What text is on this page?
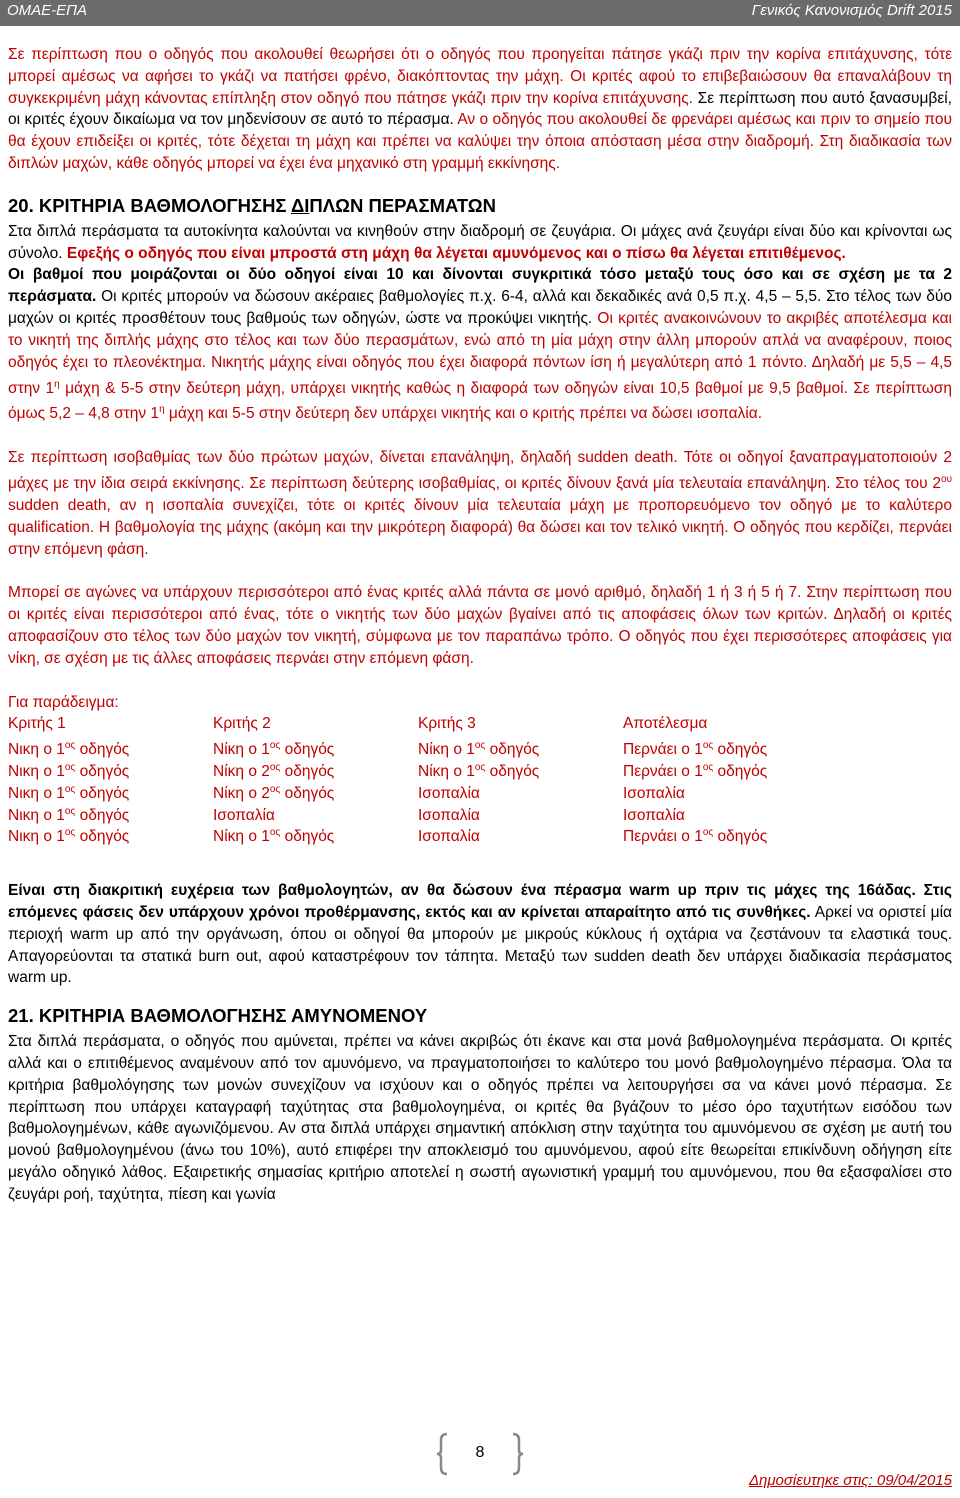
ΟΜΑΕ-ΕΠΑ	Γενικός Κανονισμός Drift 2015

Σε περίπτωση που ο οδηγός που ακολουθεί θεωρήσει ότι ο οδηγός που προηγείται πάτησε γκάζι πριν την κορίνα επιτάχυνσης, τότε μπορεί αμέσως να αφήσει το γκάζι να πατήσει φρένο, διακόπτοντας την μάχη. Οι κριτές αφού το επιβεβαιώσουν θα επαναλάβουν τη συγκεκριμένη μάχη κάνοντας επίπληξη στον οδηγό που πάτησε γκάζι πριν την κορίνα επιτάχυνσης. Σε περίπτωση που αυτό ξανασυμβεί, οι κριτές έχουν δικαίωμα να τον μηδενίσουν σε αυτό το πέρασμα. Αν ο οδηγός που ακολουθεί δε φρενάρει αμέσως και πριν το σημείο που θα έχουν επιδείξει οι κριτές, τότε δέχεται τη μάχη και πρέπει να καλύψει την όποια απόσταση μέσα στην διαδρομή. Στη διαδικασία των διπλών μαχών, κάθε οδηγός μπορεί να έχει ένα μηχανικό στη γραμμή εκκίνησης.

20. ΚΡΙΤΗΡΙΑ ΒΑΘΜΟΛΟΓΗΣΗΣ ΔΙΠΛΩΝ ΠΕΡΑΣΜΑΤΩΝ

Στα διπλά περάσματα τα αυτοκίνητα καλούνται να κινηθούν στην διαδρομή σε ζευγάρια. Οι μάχες ανά ζευγάρι είναι δύο και κρίνονται ως σύνολο. Εφεξής ο οδηγός που είναι μπροστά στη μάχη θα λέγεται αμυνόμενος και ο πίσω θα λέγεται επιτιθέμενος.

Οι βαθμοί που μοιράζονται οι δύο οδηγοί είναι 10 και δίνονται συγκριτικά τόσο μεταξύ τους όσο και σε σχέση με τα 2 περάσματα. Οι κριτές μπορούν να δώσουν ακέραιες βαθμολογίες π.χ. 6-4, αλλά και δεκαδικές ανά 0,5 π.χ. 4,5 – 5,5. Στο τέλος των δύο μαχών οι κριτές προσθέτουν τους βαθμούς των οδηγών, ώστε να προκύψει νικητής. Οι κριτές ανακοινώνουν το ακριβές αποτέλεσμα και το νικητή της διπλής μάχης στο τέλος και των δύο περασμάτων, ενώ από τη μία μάχη στην άλλη μπορούν απλά να αναφέρουν, ποιος οδηγός έχει το πλεονέκτημα. Νικητής μάχης είναι οδηγός που έχει διαφορά πόντων ίση ή μεγαλύτερη από 1 πόντο. Δηλαδή με 5,5 – 4,5 στην $1^\eta$ μάχη & 5-5 στην δεύτερη μάχη, υπάρχει νικητής καθώς η διαφορά των οδηγών είναι 10,5 βαθμοί με 9,5 βαθμοί. Σε περίπτωση όμως 5,2 – 4,8 στην $1^\eta$ μάχη και 5-5 στην δεύτερη δεν υπάρχει νικητής και ο κριτής πρέπει να δώσει ισοπαλία.

Σε περίπτωση ισοβαθμίας των δύο πρώτων μαχών, δίνεται επανάληψη, δηλαδή sudden death. Τότε οι οδηγοί ξαναπραγματοποιούν 2 μάχες με την ίδια σειρά εκκίνησης. Σε περίπτωση δεύτερης ισοβαθμίας, οι κριτές δίνουν ξανά μία τελευταία επανάληψη. Στο τέλος του $2^{o\upsilon}$ sudden death, αν η ισοπαλία συνεχίζει, τότε οι κριτές δίνουν μία τελευταία μάχη με προπορευόμενο τον οδηγό με το καλύτερο qualification. Η βαθμολογία της μάχης (ακόμη και την μικρότερη διαφορά) θα δώσει και τον τελικό νικητή. Ο οδηγός που κερδίζει, περνάει στην επόμενη φάση.

Μπορεί σε αγώνες να υπάρχουν περισσότεροι από ένας κριτές αλλά πάντα σε μονό αριθμό, δηλαδή 1 ή 3 ή 5 ή 7. Στην περίπτωση που οι κριτές είναι περισσότεροι από ένας, τότε ο νικητής των δύο μαχών βγαίνει από τις αποφάσεις όλων των κριτών. Δηλαδή οι κριτές αποφασίζουν στο τέλος των δύο μαχών τον νικητή, σύμφωνα με τον παραπάνω τρόπο. Ο οδηγός που έχει περισσότερες αποφάσεις για νίκη, σε σχέση με τις άλλες αποφάσεις περνάει στην επόμενη φάση.

Για παράδειγμα:
Κριτής 1	Κριτής 2	Κριτής 3	Αποτέλεσμα
Νικη ο $1^{o\varsigma}$ οδηγός	Νίκη ο $1^{o\varsigma}$ οδηγός	Νίκη ο $1^{o\varsigma}$ οδηγός	Περνάει ο $1^{o\varsigma}$ οδηγός
Νικη ο $1^{o\varsigma}$ οδηγός	Νίκη ο $2^{o\varsigma}$ οδηγός	Νίκη ο $1^{o\varsigma}$ οδηγός	Περνάει ο $1^{o\varsigma}$ οδηγός
Νικη ο $1^{o\varsigma}$ οδηγός	Νίκη ο $2^{o\varsigma}$ οδηγός	Ισοπαλία	Ισοπαλία
Νικη ο $1^{o\varsigma}$ οδηγός	Ισοπαλία	Ισοπαλία	Ισοπαλία
Νικη ο $1^{o\varsigma}$ οδηγός	Νίκη ο $1^{o\varsigma}$ οδηγός	Ισοπαλία	Περνάει ο $1^{o\varsigma}$ οδηγός

Είναι στη διακριτική ευχέρεια των βαθμολογητών, αν θα δώσουν ένα πέρασμα warm up πριν τις μάχες της 16άδας. Στις επόμενες φάσεις δεν υπάρχουν χρόνοι προθέρμανσης, εκτός και αν κρίνεται απαραίτητο από τις συνθήκες. Αρκεί να οριστεί μία περιοχή warm up από την οργάνωση, όπου οι οδηγοί θα μπορούν με μικρούς κύκλους ή οχτάρια να ζεστάνουν τα ελαστικά τους. Απαγορεύονται τα στατικά burn out, αφού καταστρέφουν τον τάπητα. Μεταξύ των sudden death δεν υπάρχει διαδικασία περάσματος warm up.

21. ΚΡΙΤΗΡΙΑ ΒΑΘΜΟΛΟΓΗΣΗΣ ΑΜΥΝΟΜΕΝΟΥ

Στα διπλά περάσματα, ο οδηγός που αμύνεται, πρέπει να κάνει ακριβώς ότι έκανε και στα μονά βαθμολογημένα περάσματα. Οι κριτές αλλά και ο επιτιθέμενος αναμένουν από τον αμυνόμενο, να πραγματοποιήσει το καλύτερο του μονό βαθμολογημένο πέρασμα. Όλα τα κριτήρια βαθμολόγησης των μονών συνεχίζουν να ισχύουν και ο οδηγός πρέπει να λειτουργήσει σα να κάνει μονό πέρασμα. Σε περίπτωση που υπάρχει καταγραφή ταχύτητας στα βαθμολογημένα, οι κριτές θα βγάζουν το μέσο όρο ταχυτήτων εισόδου των βαθμολογημένων, κάθε αγωνιζόμενου. Αν στα διπλά υπάρχει σημαντική απόκλιση στην ταχύτητα του αμυνόμενου σε σχέση με αυτή του μονού βαθμολογημένου (άνω του 10%), αυτό επιφέρει την αποκλεισμό του αμυνόμενου, αφού είτε θεωρείται επικίνδυνη οδήγηση είτε μεγάλο οδηγικό λάθος. Εξαιρετικής σημασίας κριτήριο αποτελεί η σωστή αγωνιστική γραμμή του αμυνόμενου, που θα εξασφαλίσει στο ζευγάρι ροή, ταχύτητα, πίεση και γωνία

8
Δημοσίευτηκε στις: 09/04/2015
